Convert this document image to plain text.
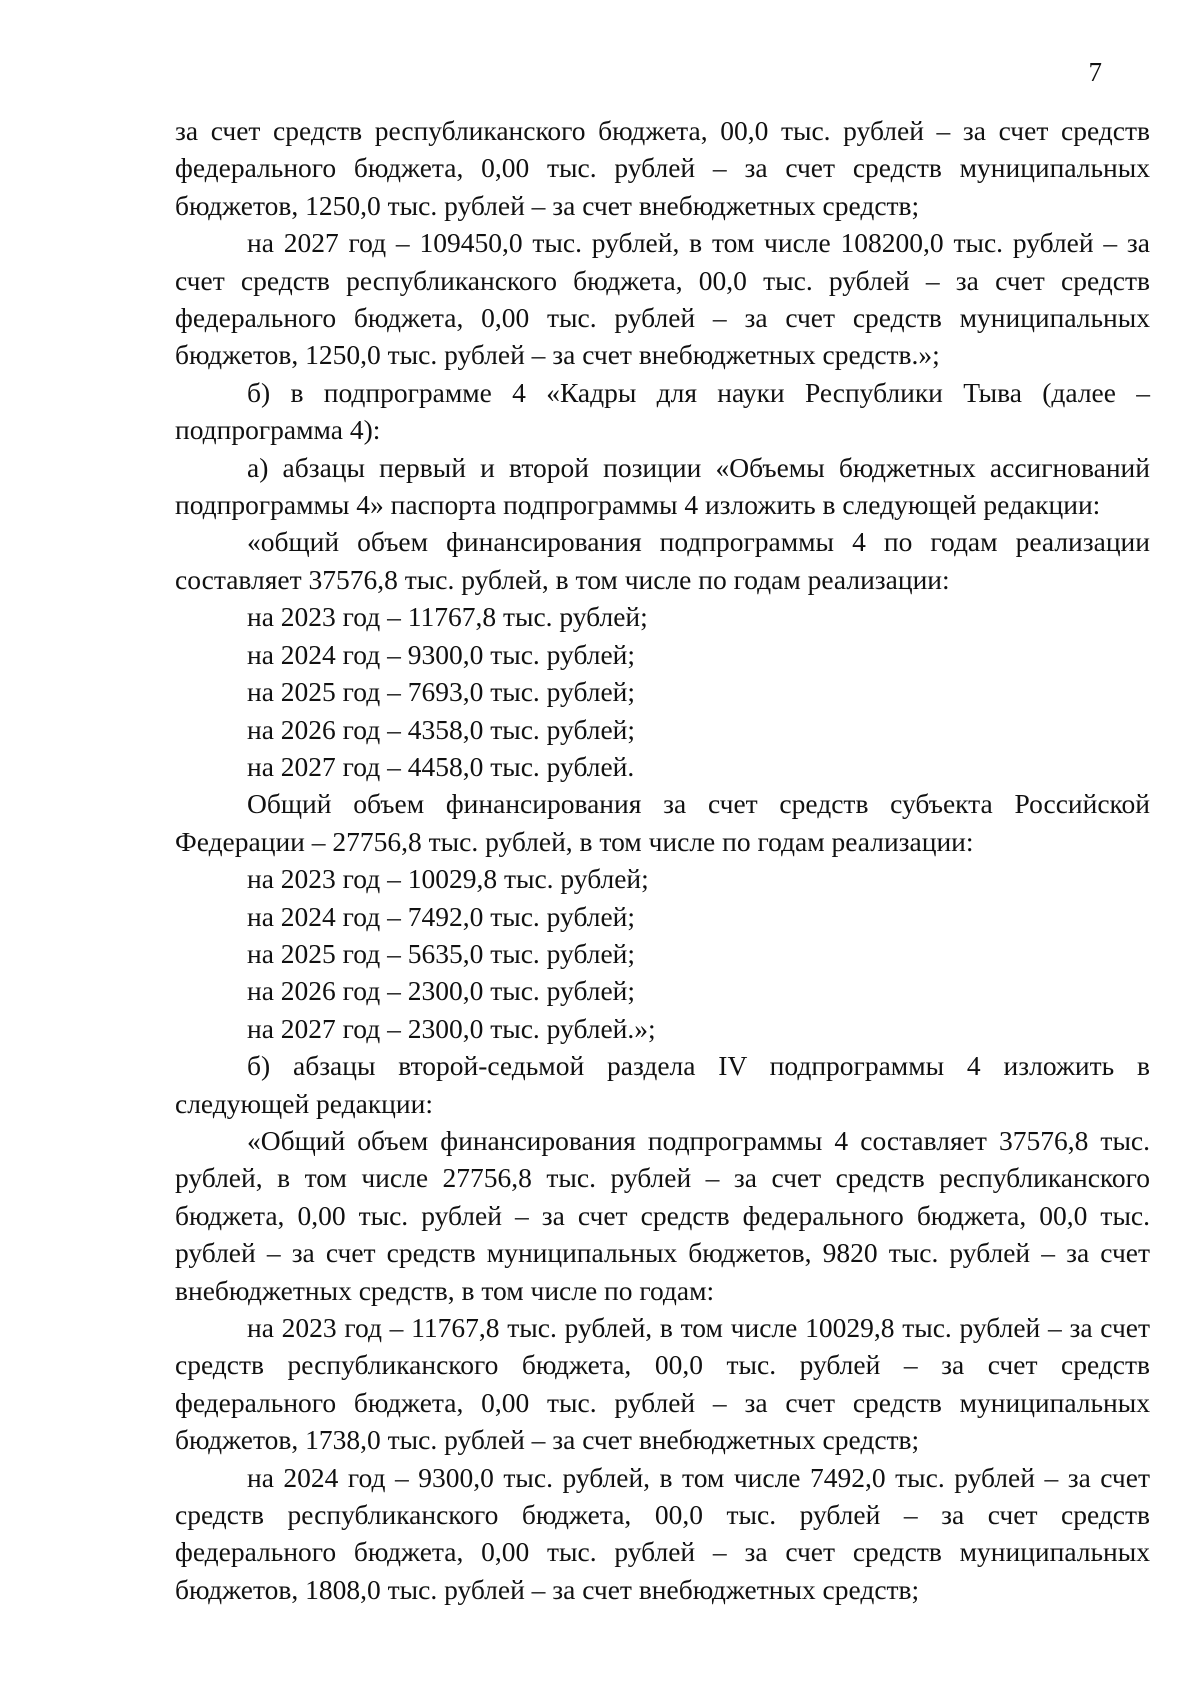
7

за счет средств республиканского бюджета, 00,0 тыс. рублей – за счет средств федерального бюджета, 0,00 тыс. рублей – за счет средств муниципальных бюджетов, 1250,0 тыс. рублей – за счет внебюджетных средств;

на 2027 год – 109450,0 тыс. рублей, в том числе 108200,0 тыс. рублей – за счет средств республиканского бюджета, 00,0 тыс. рублей – за счет средств федерального бюджета, 0,00 тыс. рублей – за счет средств муниципальных бюджетов, 1250,0 тыс. рублей – за счет внебюджетных средств.»;

б) в подпрограмме 4 «Кадры для науки Республики Тыва (далее – подпрограмма 4):

а) абзацы первый и второй позиции «Объемы бюджетных ассигнований подпрограммы 4» паспорта подпрограммы 4 изложить в следующей редакции:

«общий объем финансирования подпрограммы 4 по годам реализации составляет 37576,8 тыс. рублей, в том числе по годам реализации:

на 2023 год – 11767,8 тыс. рублей;

на 2024 год – 9300,0 тыс. рублей;

на 2025 год – 7693,0 тыс. рублей;

на 2026 год – 4358,0 тыс. рублей;

на 2027 год – 4458,0 тыс. рублей.

Общий объем финансирования за счет средств субъекта Российской Федерации – 27756,8 тыс. рублей, в том числе по годам реализации:

на 2023 год – 10029,8 тыс. рублей;

на 2024 год – 7492,0 тыс. рублей;

на 2025 год – 5635,0 тыс. рублей;

на 2026 год – 2300,0 тыс. рублей;

на 2027 год – 2300,0 тыс. рублей.»;

б) абзацы второй-седьмой раздела IV подпрограммы 4 изложить в следующей редакции:

«Общий объем финансирования подпрограммы 4 составляет 37576,8 тыс. рублей, в том числе 27756,8 тыс. рублей – за счет средств республиканского бюджета, 0,00 тыс. рублей – за счет средств федерального бюджета, 00,0 тыс. рублей – за счет средств муниципальных бюджетов, 9820 тыс. рублей – за счет внебюджетных средств, в том числе по годам:

на 2023 год – 11767,8 тыс. рублей, в том числе 10029,8 тыс. рублей – за счет средств республиканского бюджета, 00,0 тыс. рублей – за счет средств федерального бюджета, 0,00 тыс. рублей – за счет средств муниципальных бюджетов, 1738,0 тыс. рублей – за счет внебюджетных средств;

на 2024 год – 9300,0 тыс. рублей, в том числе 7492,0 тыс. рублей – за счет средств республиканского бюджета, 00,0 тыс. рублей – за счет средств федерального бюджета, 0,00 тыс. рублей – за счет средств муниципальных бюджетов, 1808,0 тыс. рублей – за счет внебюджетных средств;
